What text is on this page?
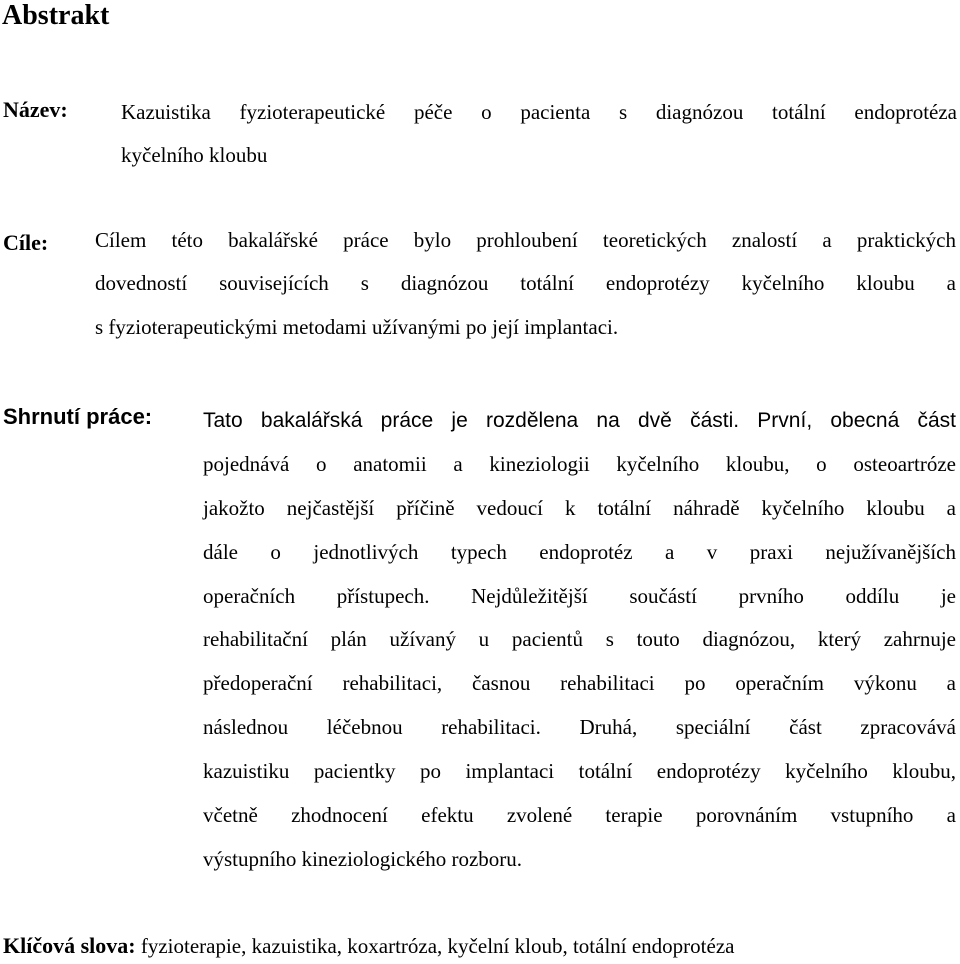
Abstrakt
Název:	Kazuistika fyzioterapeutické péče o pacienta s diagnózou totální endoprotéza
kyčelního kloubu
Cíle: Cílem této bakalářské práce bylo prohloubení teoretických znalostí a praktických
dovedností souvisejících s diagnózou totální endoprotézy kyčelního kloubu a
s fyzioterapeutickými metodami užívanými po její implantaci.
Shrnutí práce: Tato bakalářská práce je rozdělena na dvě části. První, obecná část
pojednává o anatomii a kineziologii kyčelního kloubu, o osteoartróze
jakožto nejčastější příčině vedoucí k totální náhradě kyčelního kloubu a
dále o jednotlivých typech endoprotéz a v praxi nejužívanějších
operačních přístupech. Nejdůležitější součástí prvního oddílu je
rehabilitační plán užívaný u pacientů s touto diagnózou, který zahrnuje
předoperační rehabilitaci, časnou rehabilitaci po operačním výkonu a
následnou léčebnou rehabilitaci. Druhá, speciální část zpracovává
kazuistiku pacientky po implantaci totální endoprotézy kyčelního kloubu,
včetně zhodnocení efektu zvolené terapie porovnáním vstupního a
výstupního kineziologického rozboru.
Klíčová slova: fyzioterapie, kazuistika, koxartróza, kyčelní kloub, totální endoprotéza
